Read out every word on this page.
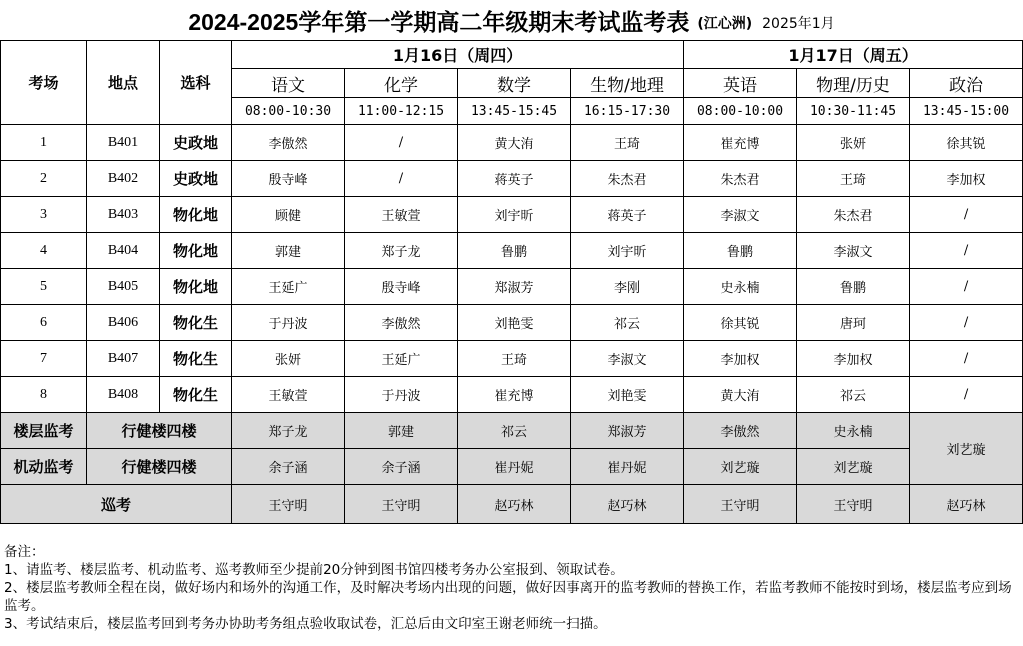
2024-2025学年第一学期高二年级期末考试监考表 (江心洲) 2025年1月
考场	地点	选科	1月16日（周四）				1月17日（周五）		
			语文	化学	数学	生物/地理	英语	物理/历史	政治
			08:00-10:30	11:00-12:15	13:45-15:45	16:15-17:30	08:00-10:00	10:30-11:45	13:45-15:00
1	B401	史政地	李傲然	/	黄大洧	王琦	崔充博	张妍	徐其锐
2	B402	史政地	殷寺峰	/	蒋英子	朱杰君	朱杰君	王琦	李加权
3	B403	物化地	顾健	王敏萱	刘宇昕	蒋英子	李淑文	朱杰君	/
4	B404	物化地	郭建	郑子龙	鲁鹏	刘宇昕	鲁鹏	李淑文	/
5	B405	物化地	王延广	殷寺峰	郑淑芳	李刚	史永楠	鲁鹏	/
6	B406	物化生	于丹波	李傲然	刘艳雯	祁云	徐其锐	唐珂	/
7	B407	物化生	张妍	王延广	王琦	李淑文	李加权	李加权	/
8	B408	物化生	王敏萱	于丹波	崔充博	刘艳雯	黄大洧	祁云	/
楼层监考	行健楼四楼		郑子龙	郭建	祁云	郑淑芳	李傲然	史永楠	刘艺璇
机动监考	行健楼四楼		余子涵	余子涵	崔丹妮	崔丹妮	刘艺璇	刘艺璇	
巡考			王守明	王守明	赵巧林	赵巧林	王守明	王守明	赵巧林
备注：
1、请监考、楼层监考、机动监考、巡考教师至少提前20分钟到图书馆四楼考务办公室报到、领取试卷。
2、楼层监考教师全程在岗，做好场内和场外的沟通工作，及时解决考场内出现的问题，做好因事离开的监考教师的替换工作，若监考教师不能按时到场，楼层监考应到场监考。
3、考试结束后，楼层监考回到考务办协助考务组点验收取试卷，汇总后由文印室王谢老师统一扫描。
